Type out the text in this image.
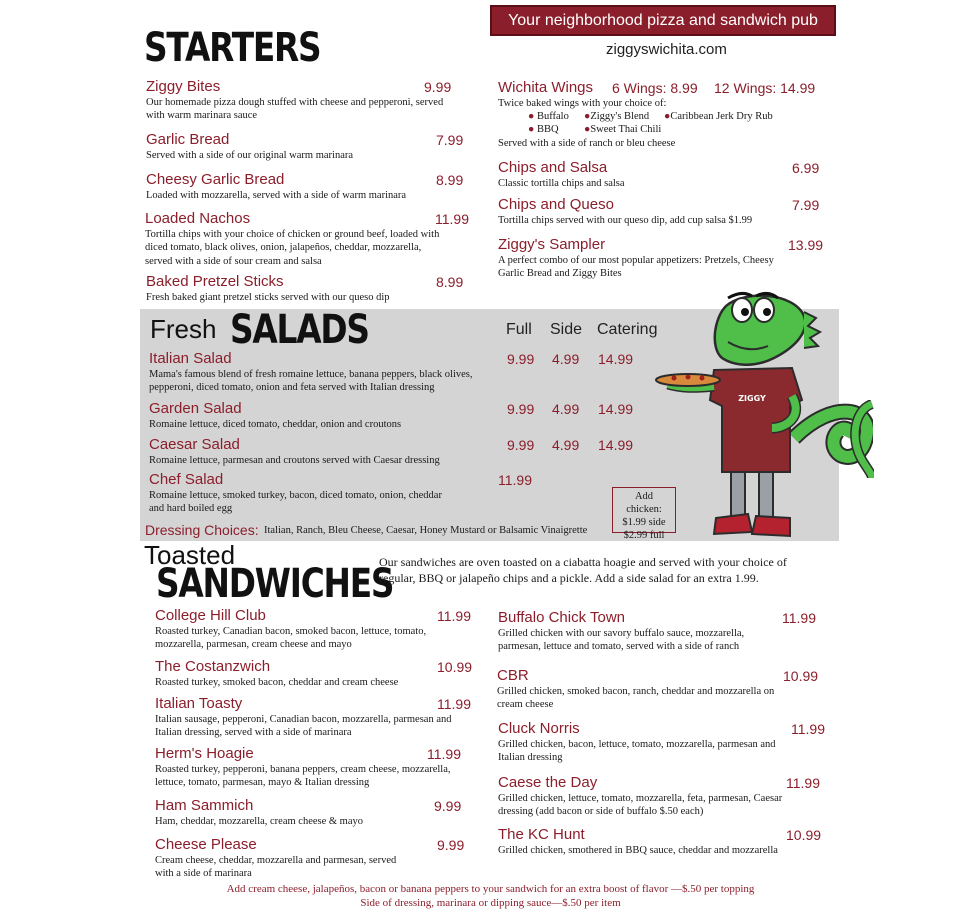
Your neighborhood pizza and sandwich pub
ziggyswichita.com
STARTERS
Ziggy Bites	9.99
Our homemade pizza dough stuffed with cheese and pepperoni, served with warm marinara sauce
Garlic Bread	7.99
Served with a side of our original warm marinara
Cheesy Garlic Bread	8.99
Loaded with mozzarella, served with a side of warm marinara
Loaded Nachos	11.99
Tortilla chips with your choice of chicken or ground beef, loaded with diced tomato, black olives, onion, jalapeños, cheddar, mozzarella, served with a side of sour cream and salsa
Baked Pretzel Sticks	8.99
Fresh baked giant pretzel sticks served with our queso dip
Wichita Wings 6 Wings: 8.99 12 Wings: 14.99
Twice baked wings with your choice of:
● Buffalo ●Ziggy's Blend ●Caribbean Jerk Dry Rub
● BBQ ●Sweet Thai Chili
Served with a side of ranch or bleu cheese
Chips and Salsa	6.99
Classic tortilla chips and salsa
Chips and Queso	7.99
Tortilla chips served with our queso dip, add cup salsa $1.99
Ziggy's Sampler	13.99
A perfect combo of our most popular appetizers: Pretzels, Cheesy Garlic Bread and Ziggy Bites
Fresh SALADS	Full Side Catering
Italian Salad	9.99 4.99 14.99
Mama's famous blend of fresh romaine lettuce, banana peppers, black olives, pepperoni, diced tomato, onion and feta served with Italian dressing
Garden Salad	9.99 4.99 14.99
Romaine lettuce, diced tomato, cheddar, onion and croutons
Caesar Salad	9.99 4.99 14.99
Romaine lettuce, parmesan and croutons served with Caesar dressing
Chef Salad	11.99
Romaine lettuce, smoked turkey, bacon, diced tomato, onion, cheddar and hard boiled egg
Add chicken:
$1.99 side
$2.99 full
Dressing Choices: Italian, Ranch, Bleu Cheese, Caesar, Honey Mustard or Balsamic Vinaigrette
ZIGGY
Toasted
SANDWICHES
Our sandwiches are oven toasted on a ciabatta hoagie and served with your choice of regular, BBQ or jalapeño chips and a pickle. Add a side salad for an extra 1.99.
College Hill Club	11.99
Roasted turkey, Canadian bacon, smoked bacon, lettuce, tomato, mozzarella, parmesan, cream cheese and mayo
The Costanzwich	10.99
Roasted turkey, smoked bacon, cheddar and cream cheese
Italian Toasty	11.99
Italian sausage, pepperoni, Canadian bacon, mozzarella, parmesan and Italian dressing, served with a side of marinara
Herm's Hoagie	11.99
Roasted turkey, pepperoni, banana peppers, cream cheese, mozzarella, lettuce, tomato, parmesan, mayo & Italian dressing
Ham Sammich	9.99
Ham, cheddar, mozzarella, cream cheese & mayo
Cheese Please	9.99
Cream cheese, cheddar, mozzarella and parmesan, served with a side of marinara
Buffalo Chick Town	11.99
Grilled chicken with our savory buffalo sauce, mozzarella, parmesan, lettuce and tomato, served with a side of ranch
CBR	10.99
Grilled chicken, smoked bacon, ranch, cheddar and mozzarella on cream cheese
Cluck Norris	11.99
Grilled chicken, bacon, lettuce, tomato, mozzarella, parmesan and Italian dressing
Caese the Day	11.99
Grilled chicken, lettuce, tomato, mozzarella, feta, parmesan, Caesar dressing (add bacon or side of buffalo $.50 each)
The KC Hunt	10.99
Grilled chicken, smothered in BBQ sauce, cheddar and mozzarella
Add cream cheese, jalapeños, bacon or banana peppers to your sandwich for an extra boost of flavor —$.50 per topping
Side of dressing, marinara or dipping sauce—$.50 per item
